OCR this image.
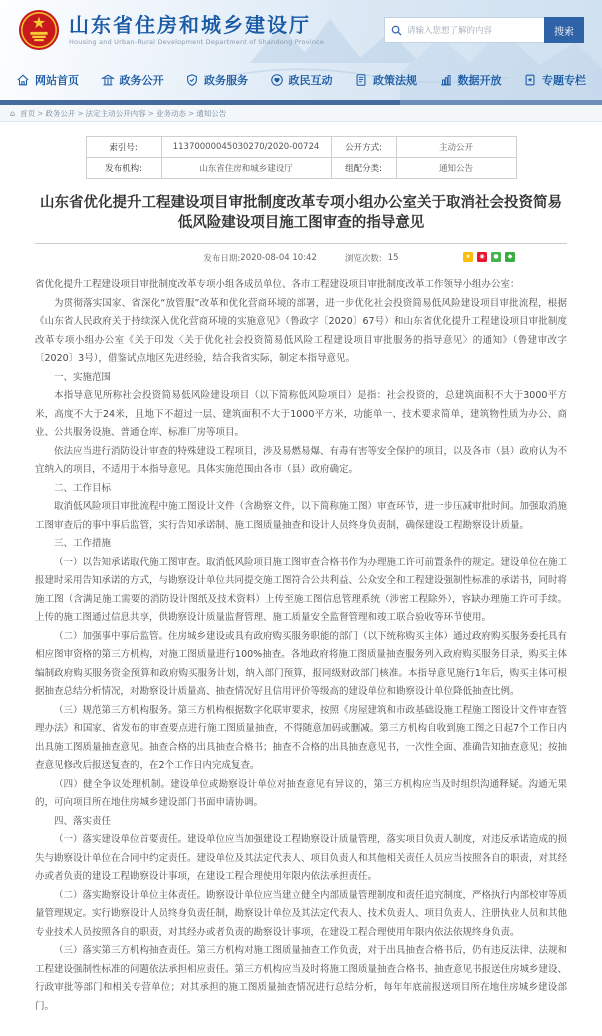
山东省住房和城乡建设厅
Housing and Urban-Rural Development Department of Shandong Province
请输入您想了解的内容
搜索
网站首页	政务公开	政务服务	政民互动	政策法规	数据开放	专题专栏
⌂ 首页 > 政务公开 > 法定主动公开内容 > 业务动态 > 通知公告
索引号:	11370000045030270/2020-00724	公开方式:	主动公开
发布机构:	山东省住房和城乡建设厅	组配分类:	通知公告
山东省优化提升工程建设项目审批制度改革专项小组办公室关于取消社会投资简易低风险建设项目施工图审查的指导意见
发布日期: 2020-08-04 10:42	浏览次数: 15	★	◉	●	◆

省优化提升工程建设项目审批制度改革专项小组各成员单位、各市工程建设项目审批制度改革工作领导小组办公室：

为贯彻落实国家、省深化“放管服”改革和优化营商环境的部署，进一步优化社会投资简易低风险建设项目审批流程，根据《山东省人民政府关于持续深入优化营商环境的实施意见》（鲁政字〔2020〕67号）和山东省优化提升工程建设项目审批制度改革专项小组办公室《关于印发〈关于优化社会投资简易低风险工程建设项目审批服务的指导意见〉的通知》（鲁建审改字〔2020〕3号），借鉴试点地区先进经验，结合我省实际，制定本指导意见。

一、实施范围

本指导意见所称社会投资简易低风险建设项目（以下简称低风险项目）是指：社会投资的，总建筑面积不大于3000平方米，高度不大于24米，且地下不超过一层、建筑面积不大于1000平方米，功能单一、技术要求简单，建筑物性质为办公、商业、公共服务设施、普通仓库、标准厂房等项目。

依法应当进行消防设计审查的特殊建设工程项目，涉及易燃易爆、有毒有害等安全保护的项目，以及各市（县）政府认为不宜纳入的项目，不适用于本指导意见。具体实施范围由各市（县）政府确定。

二、工作目标

取消低风险项目审批流程中施工图设计文件（含勘察文件，以下简称施工图）审查环节，进一步压减审批时间。加强取消施工图审查后的事中事后监管，实行告知承诺制、施工图质量抽查和设计人员终身负责制，确保建设工程勘察设计质量。

三、工作措施

（一）以告知承诺取代施工图审查。取消低风险项目施工图审查合格书作为办理施工许可前置条件的规定。建设单位在施工报建时采用告知承诺的方式，与勘察设计单位共同提交施工图符合公共利益、公众安全和工程建设强制性标准的承诺书，同时将施工图（含满足施工需要的消防设计图纸及技术资料）上传至施工图信息管理系统（涉密工程除外），容缺办理施工许可手续。上传的施工图通过信息共享，供勘察设计质量监督管理、施工质量安全监督管理和竣工联合验收等环节使用。

（二）加强事中事后监管。住房城乡建设或具有政府购买服务职能的部门（以下统称购买主体）通过政府购买服务委托具有相应图审资格的第三方机构，对施工图质量进行100%抽查。各地政府将施工图质量抽查服务列入政府购买服务目录，购买主体编制政府购买服务资金预算和政府购买服务计划，纳入部门预算，报同级财政部门核准。本指导意见施行1年后，购买主体可根据抽查总结分析情况，对勘察设计质量高、抽查情况好且信用评价等级高的建设单位和勘察设计单位降低抽查比例。

（三）规范第三方机构服务。第三方机构根据数字化联审要求，按照《房屋建筑和市政基础设施工程施工图设计文件审查管理办法》和国家、省发布的审查要点进行施工图质量抽查，不得随意加码或删减。第三方机构自收到施工图之日起7个工作日内出具施工图质量抽查意见。抽查合格的出具抽查合格书；抽查不合格的出具抽查意见书，一次性全面、准确告知抽查意见；按抽查意见修改后报送复查的，在2个工作日内完成复查。

（四）健全争议处理机制。建设单位或勘察设计单位对抽查意见有异议的，第三方机构应当及时组织沟通释疑。沟通无果的，可向项目所在地住房城乡建设部门书面申请协调。

四、落实责任

（一）落实建设单位首要责任。建设单位应当加强建设工程勘察设计质量管理，落实项目负责人制度，对违反承诺造成的损失与勘察设计单位在合同中约定责任。建设单位及其法定代表人、项目负责人和其他相关责任人员应当按照各自的职责，对其经办或者负责的建设工程勘察设计事项，在建设工程合理使用年限内依法承担责任。

（二）落实勘察设计单位主体责任。勘察设计单位应当建立健全内部质量管理制度和责任追究制度，严格执行内部校审等质量管理规定。实行勘察设计人员终身负责任制，勘察设计单位及其法定代表人、技术负责人、项目负责人、注册执业人员和其他专业技术人员按照各自的职责，对其经办或者负责的勘察设计事项，在建设工程合理使用年限内依法依规终身负责。

（三）落实第三方机构抽查责任。第三方机构对施工图质量抽查工作负责，对于出具抽查合格书后，仍有违反法律、法规和工程建设强制性标准的问题依法承担相应责任。第三方机构应当及时将施工图质量抽查合格书、抽查意见书报送住房城乡建设、行政审批等部门和相关专营单位；对其承担的施工图质量抽查情况进行总结分析，每年年底前报送项目所在地住房城乡建设部门。
